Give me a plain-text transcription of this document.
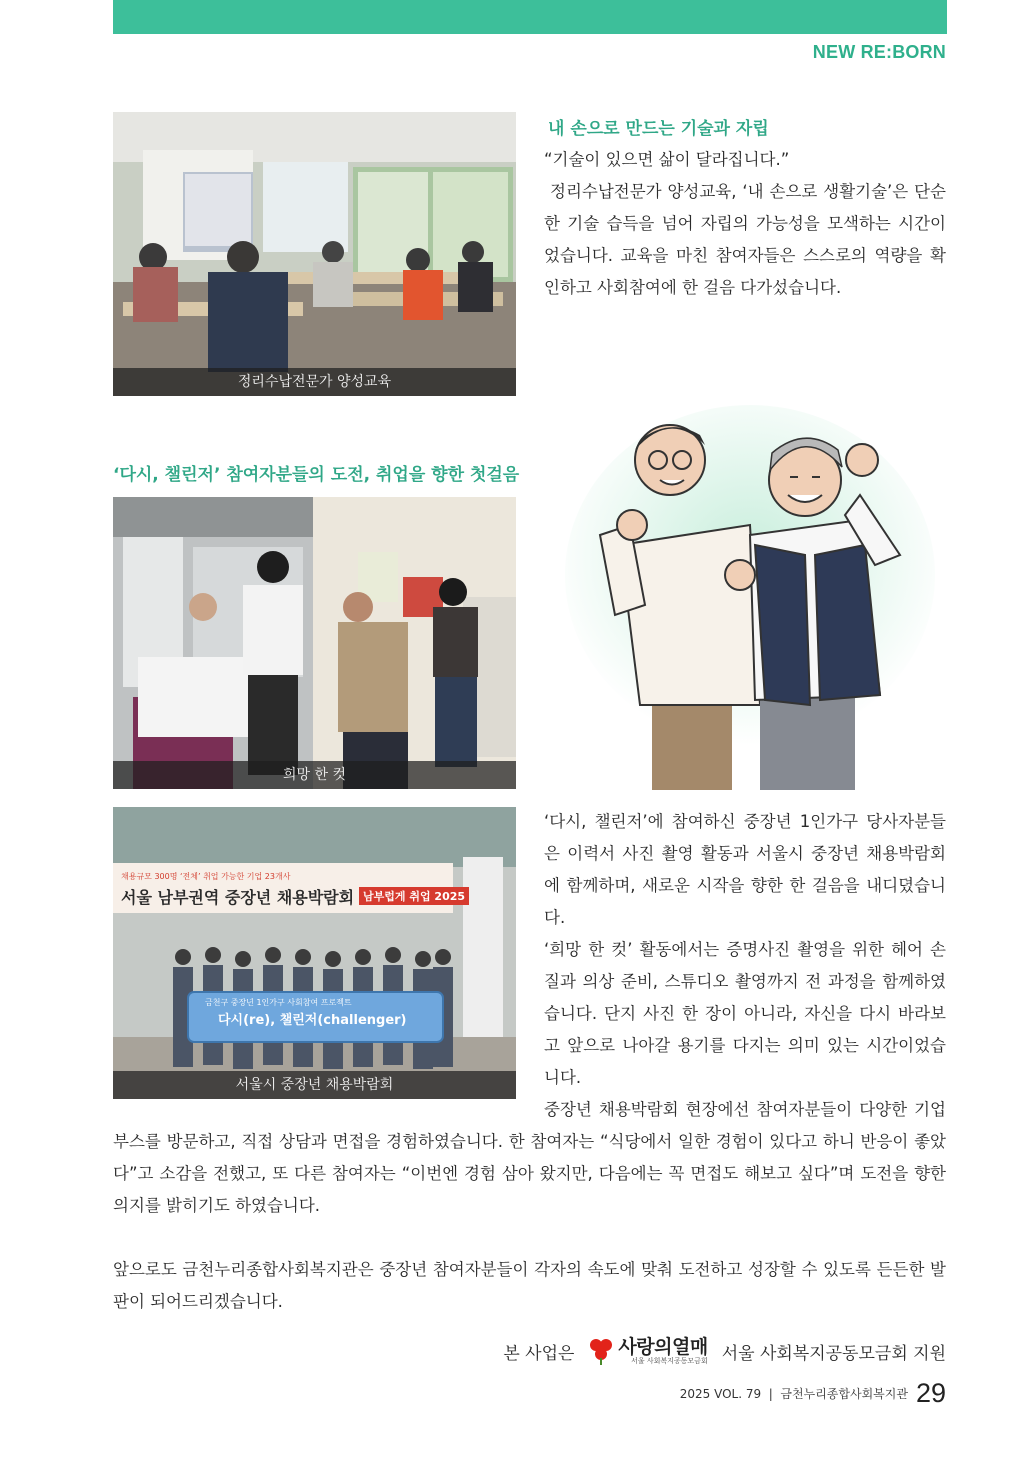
NEW RE:BORN
정리수납전문가 양성교육
내 손으로 만드는 기술과 자립

“기술이 있으면 삶이 달라집니다.”

정리수납전문가 양성교육, ‘내 손으로 생활기술’은 단순한 기술 습득을 넘어 자립의 가능성을 모색하는 시간이었습니다. 교육을 마친 참여자들은 스스로의 역량을 확인하고 사회참여에 한 걸음 다가섰습니다.

‘다시, 챌린저’ 참여자분들의 도전, 취업을 향한 첫걸음
희망 한 컷
채용규모 300명 ‘전체’ 취업 가능한 기업 23개사
서울 남부권역 중장년 채용박람회 남부럽게 취업 2025
금천구 중장년 1인가구 사회참여 프로젝트
다시(re), 챌린저(challenger)
서울시 중장년 채용박람회
‘다시, 챌린저’에 참여하신 중장년 1인가구 당사자분들은 이력서 사진 촬영 활동과 서울시 중장년 채용박람회에 함께하며, 새로운 시작을 향한 한 걸음을 내디뎠습니다.
‘희망 한 컷’ 활동에서는 증명사진 촬영을 위한 헤어 손질과 의상 준비, 스튜디오 촬영까지 전 과정을 함께하였습니다. 단지 사진 한 장이 아니라, 자신을 다시 바라보고 앞으로 나아갈 용기를 다지는 의미 있는 시간이었습니다.
중장년 채용박람회 현장에선 참여자분들이 다양한 기업
부스를 방문하고, 직접 상담과 면접을 경험하였습니다. 한 참여자는 “식당에서 일한 경험이 있다고 하니 반응이 좋았다”고 소감을 전했고, 또 다른 참여자는 “이번엔 경험 삼아 왔지만, 다음에는 꼭 면접도 해보고 싶다”며 도전을 향한 의지를 밝히기도 하였습니다.
앞으로도 금천누리종합사회복지관은 중장년 참여자분들이 각자의 속도에 맞춰 도전하고 성장할 수 있도록 든든한 발판이 되어드리겠습니다.
본 사업은 사랑의열매
서울 사회복지공동모금회 서울 사회복지공동모금회 지원
2025 VOL. 79  |  금천누리종합사회복지관 29
